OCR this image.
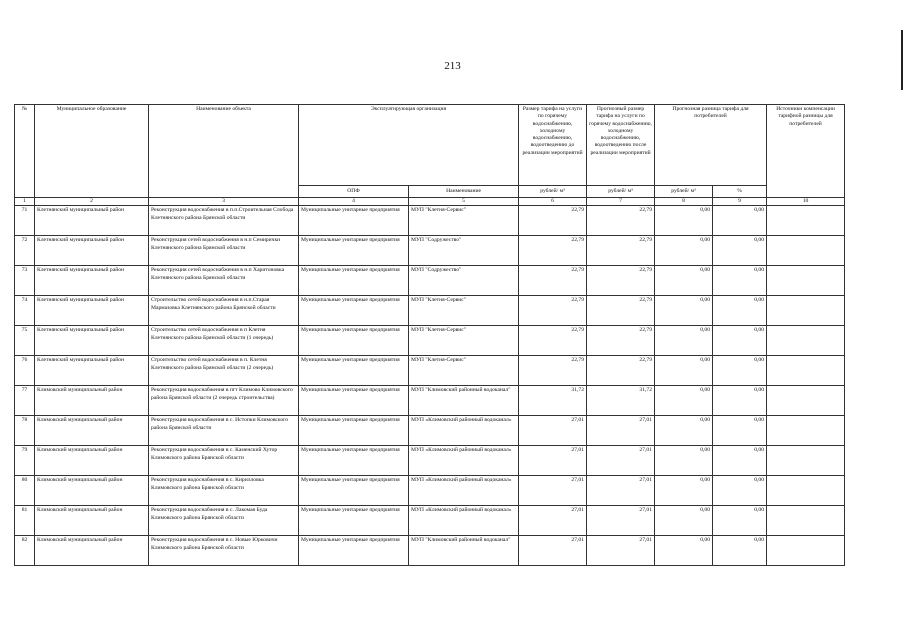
213
№	Муниципальное образование	Наименование объекта	Эксплуатирующая организация		Размер тарифа на услуги по горячему водоснабжению, холодному водоснабжению, водоотведению до реализации мероприятий	Прогнозный размер тарифа на услуги по горячему водоснабжению, холодному водоснабжению, водоотведению после реализации мероприятий	Прогнозная разница тарифа для потребителей		Источники компенсации тарифной разницы для потребителей
			ОПФ	Наименование	рублей/ м³	рублей/ м³	рублей/ м³	%	
1	2	3	4	5	6	7	8	9	10
71	Клетнянский муниципальный район	Реконструкция водоснабжения в п.п.Строительная Слобода Клетнянского района Брянской области	Муниципальные унитарные предприятия	МУП "Клетня-Сервис"	22,79	22,79	0,00	0,00	
72	Клетнянский муниципальный район	Реконструкция сетей водоснабжения в н.п Семирички Клетнянского района Брянской области	Муниципальные унитарные предприятия	МУП "Содружество"	22,79	22,79	0,00	0,00	
73	Клетнянский муниципальный район	Реконструкция сетей водоснабжения в н.п Харитоновка Клетнянского района Брянской области	Муниципальные унитарные предприятия	МУП "Содружество"	22,79	22,79	0,00	0,00	
74	Клетнянский муниципальный район	Строительство сетей водоснабжения в н.п.Старая Мармазовка Клетнянского района Брянской области	Муниципальные унитарные предприятия	МУП "Клетня-Сервис"	22,79	22,79	0,00	0,00	
75	Клетнянский муниципальный район	Строительство сетей водоснабжения в п Клетня Клетнянского района Брянской области (1 очередь)	Муниципальные унитарные предприятия	МУП "Клетня-Сервис"	22,79	22,79	0,00	0,00	
76	Клетнянский муниципальный район	Строительство сетей водоснабжения в п. Клетня Клетнянского района Брянской области (2 очередь)	Муниципальные унитарные предприятия	МУП "Клетня-Сервис"	22,79	22,79	0,00	0,00	
77	Климовский муниципальный район	Реконструкция водоснабжения в пгт Климово Климовского района Брянской области (2 очередь строительства)	Муниципальные унитарные предприятия	МУП "Климовский районный водоканал"	31,72	31,72	0,00	0,00	
78	Климовский муниципальный район	Реконструкция водоснабжения в с. Истопки Климовского района Брянской области	Муниципальные унитарные предприятия	МУП «Климовский районный водоканал»	27,01	27,01	0,00	0,00	
79	Климовский муниципальный район	Реконструкция водоснабжения в с. Каменский Хутор Климовского района Брянской области	Муниципальные унитарные предприятия	МУП «Климовский районный водоканал»	27,01	27,01	0,00	0,00	
80	Климовский муниципальный район	Реконструкция водоснабжения в с. Кирилловка Климовского района Брянской области	Муниципальные унитарные предприятия	МУП «Климовский районный водоканал»	27,01	27,01	0,00	0,00	
81	Климовский муниципальный район	Реконструкция водоснабжения в с. Лакомая Буда Климовского района Брянской области	Муниципальные унитарные предприятия	МУП «Климовский районный водоканал»	27,01	27,01	0,00	0,00	
82	Климовский муниципальный район	Реконструкция водоснабжения в с. Новые Юрковичи Климовского района Брянской области	Муниципальные унитарные предприятия	МУП "Климовский районный водоканал"	27,01	27,01	0,00	0,00	
